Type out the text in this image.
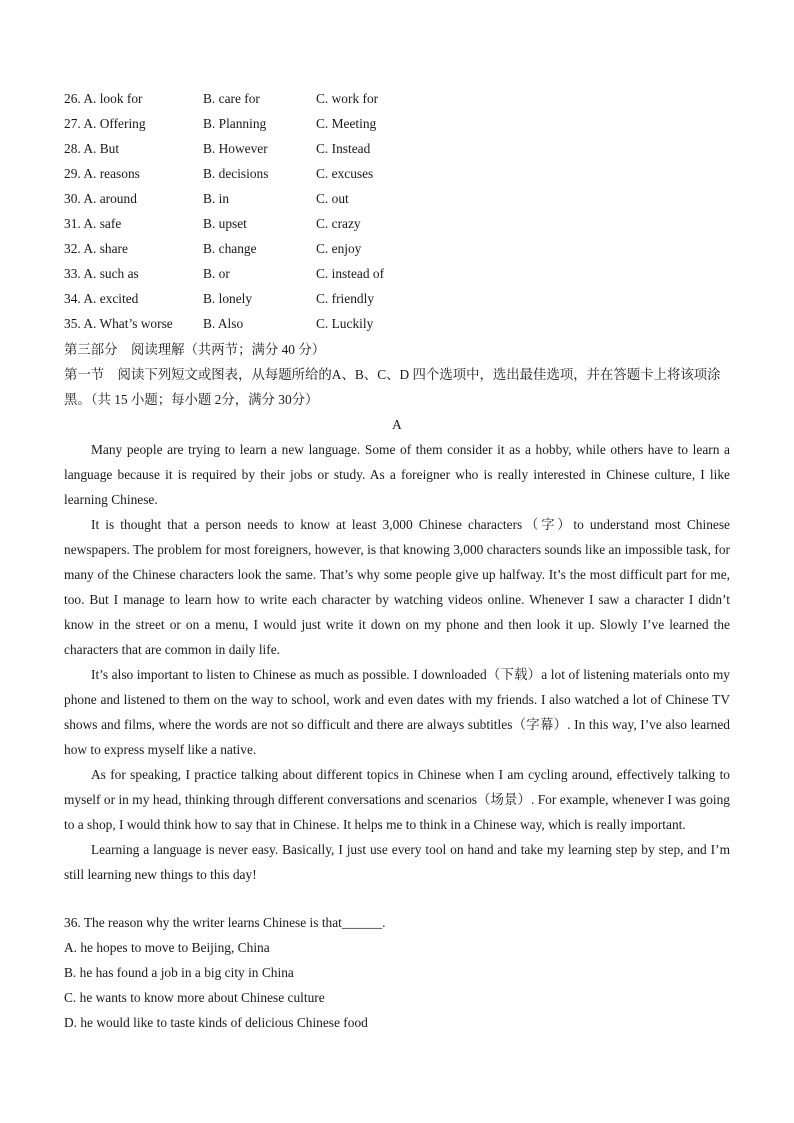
26. A. look for	B. care for	C. work for
27. A. Offering	B. Planning	C. Meeting
28. A. But	B. However	C. Instead
29. A. reasons	B. decisions	C. excuses
30. A. around	B. in	C. out
31. A. safe	B. upset	C. crazy
32. A. share	B. change	C. enjoy
33. A. such as	B. or	C. instead of
34. A. excited	B. lonely	C. friendly
35. A. What’s worse B. Also	C. Luckily
第三部分　阅读理解（共两节；满分 40 分）
第一节　阅读下列短文或图表，从每题所给的A、B、C、D 四个选项中，选出最佳选项，并在答题卡上将该项涂黑。（共 15 小题；每小题 2分，满分 30分）
A

Many people are trying to learn a new language. Some of them consider it as a hobby, while others have to learn a language because it is required by their jobs or study. As a foreigner who is really interested in Chinese culture, I like learning Chinese.

It is thought that a person needs to know at least 3,000 Chinese characters（字）to understand most Chinese newspapers. The problem for most foreigners, however, is that knowing 3,000 characters sounds like an impossible task, for many of the Chinese characters look the same. That’s why some people give up halfway. It’s the most difficult part for me, too. But I manage to learn how to write each character by watching videos online. Whenever I saw a character I didn’t know in the street or on a menu, I would just write it down on my phone and then look it up. Slowly I’ve learned the characters that are common in daily life.

It’s also important to listen to Chinese as much as possible. I downloaded（下载）a lot of listening materials onto my phone and listened to them on the way to school, work and even dates with my friends. I also watched a lot of Chinese TV shows and films, where the words are not so difficult and there are always subtitles（字幕）. In this way, I’ve also learned how to express myself like a native.

As for speaking, I practice talking about different topics in Chinese when I am cycling around, effectively talking to myself or in my head, thinking through different conversations and scenarios（场景）. For example, whenever I was going to a shop, I would think how to say that in Chinese. It helps me to think in a Chinese way, which is really important.

Learning a language is never easy. Basically, I just use every tool on hand and take my learning step by step, and I’m still learning new things to this day!

36. The reason why the writer learns Chinese is that______.
A. he hopes to move to Beijing, China
B. he has found a job in a big city in China
C. he wants to know more about Chinese culture
D. he would like to taste kinds of delicious Chinese food
